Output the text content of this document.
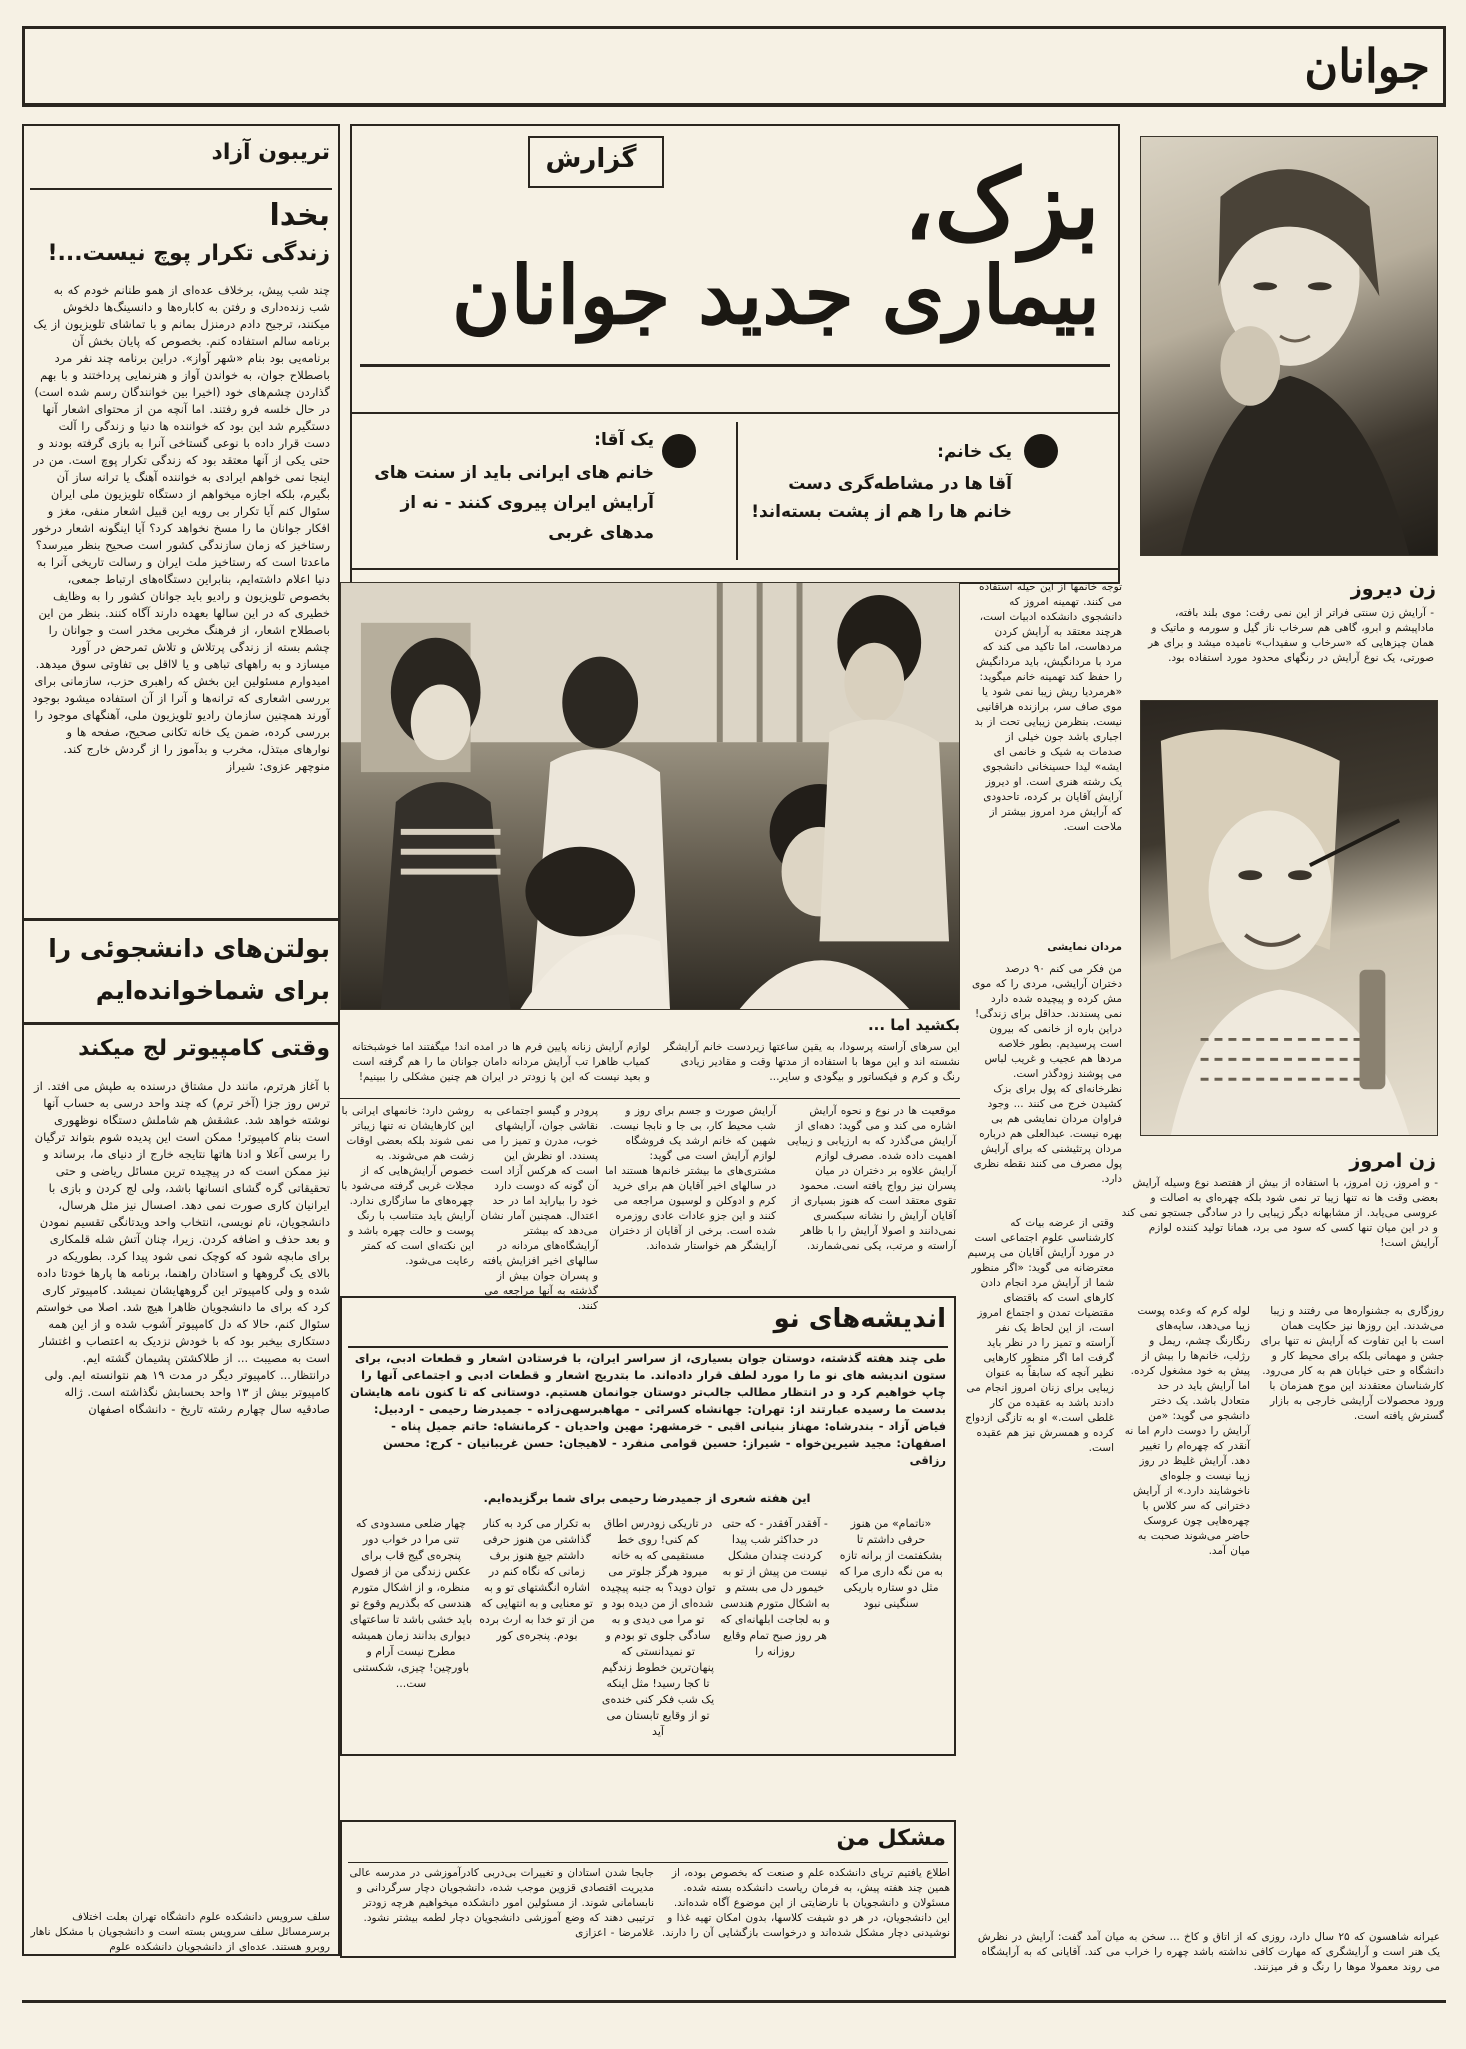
جوانان
تریبون آزاد
بخدا
زندگی تکرار پوچ نیست...!
چند شب پیش، برخلاف عده‌ای از همو طنانم خودم که به شب زنده‌داری و رفتن به کاباره‌ها و دانسینگ‌ها دلخوش میکنند، ترجیح دادم درمنزل بمانم و با تماشای تلویزیون از یک برنامه سالم استفاده کنم. بخصوص که پایان بخش آن برنامه‌یی بود بنام «شهر آواز». دراین برنامه چند نفر مرد باصطلاح جوان، به خواندن آواز و هنرنمایی پرداختند و با بهم گذاردن چشم‌های خود (اخیرا بین خوانندگان رسم شده است) در حال خلسه فرو رفتند. اما آنچه من از محتوای اشعار آنها دستگیرم شد این بود که خواننده ها دنیا و زندگی را آلت دست قرار داده با نوعی گستاخی آنرا به بازی گرفته بودند و حتی یکی از آنها معتقد بود که زندگی تکرار پوچ است. من در اینجا نمی خواهم ایرادی به خواننده آهنگ یا ترانه ساز آن بگیرم، بلکه اجازه میخواهم از دستگاه تلویزیون ملی ایران سئوال کنم آیا تکرار بی رویه این قبیل اشعار منفی، مغز و افکار جوانان ما را مسخ نخواهد کرد؟ آیا اینگونه اشعار درخور رستاخیز که زمان سازندگی کشور است صحیح بنظر میرسد؟ ماعدتا است که رستاخیز ملت ایران و رسالت تاریخی آنرا به دنیا اعلام داشته‌ایم، بنابراین دستگاه‌های ارتباط جمعی، بخصوص تلویزیون و رادیو باید جوانان کشور را به وظایف خطیری که در این سالها بعهده دارند آگاه کنند. بنظر من این باصطلاح اشعار، از فرهنگ مخربی مخدر است و جوانان را چشم بسته از زندگی پرتلاش و تلاش تمرحض در آورد میسازد و به راههای تباهی و یا لااقل بی تفاوتی سوق میدهد. امیدوارم مسئولین این بخش که راهبری حزب، سازمانی برای بررسی اشعاری که ترانه‌ها و آنرا از آن استفاده میشود بوجود آورند همچنین سازمان رادیو تلویزیون ملی، آهنگهای موجود را بررسی کرده، ضمن یک خانه تکانی صحیح، صفحه ها و نوارهای مبتذل، مخرب و بدآموز را از گردش خارج کند. منوچهر عزوی: شیراز
بولتن‌های دانشجوئی را
برای شماخوانده‌ایم
وقتی کامپیوتر لج میکند
با آغاز هرترم، مانند دل مشتاق درسنده به طپش می افتد. از ترس روز جزا (آخر ترم) که چند واحد درسی به حساب آنها نوشته خواهد شد. عشقش هم شاملش دستگاه نوظهوری است بنام کامپیوتر! ممکن است این پدیده شوم بتواند ترگیان را برسی آعلا و ادنا هاتها نتایجه خارج از دنیای ما، برساند و نیز ممکن است که در پیچیده ترین مسائل ریاضی و حتی تحقیقاتی گره گشای انسانها باشد، ولی لج کردن و بازی با ایرانیان کاری صورت نمی دهد. اصسال نیز مثل هرسال، دانشجویان، نام نویسی، انتخاب واحد ویدتانگی تقسیم نمودن و بعد حذف و اضافه کردن. زیرا، چنان آتش شله قلمکاری برای مابچه شود که کوچک نمی شود پیدا کرد. بطوریکه در بالای یک گروهها و استادان راهنما، برنامه ها پارها خودتا داده شده و ولی کامپیوتر این گروههایشان نمیشد. کامپیوتر کاری کرد که برای ما دانشجویان ظاهرا هیچ شد. اصلا می خواستم سئوال کنم، حالا که دل کامپیوتر آشوب شده و از این همه دستکاری بیخبر بود که با خودش نزدیک به اعتصاب و اغتشار است به مصیبت ... از طلاکشتن پشیمان گشته ایم. درانتظار... کامپیوتر دیگر در مدت ۱۹ هم نتوانسته ایم. ولی کامپیوتر بیش از ۱۳ واحد بحسابش نگذاشته است. ژاله صادقیه سال چهارم رشته تاریخ - دانشگاه اصفهان
گزارش	بزک،
بیماری جدید جوانان
یک خانم:
آقا ها در مشاطه‌گری دست خانم ها را هم از پشت بسته‌اند!
یک آقا:
خانم های ایرانی باید از سنت های آرایش ایران پیروی کنند - نه از مدهای غربی
زن دیروز
- آرایش زن سنتی فراتر از این نمی رفت: موی بلند بافته، ماداپیشم و ابرو، گاهی هم سرخاب ناز گیل و سورمه و ماتیک و همان چیزهایی که «سرخاب و سفیداب» نامیده میشد و برای هر صورتی، یک نوع آرایش در رنگهای محدود مورد استفاده بود.
زن امروز
- و امروز، زن امروز، با استفاده از بیش از هفتصد نوع وسیله آرایش بعضی وقت ها نه تنها زیبا تر نمی شود بلکه چهره‌ای به اصالت و عروسی می‌یابد. از مشابهانه دیگر زیبایی را در سادگی جستجو نمی کند و در این میان تنها کسی که سود می برد، همانا تولید کننده لوازم آرایش است!
توجه خانمها از این حیله استفاده می کنند. تهمینه امروز که دانشجوی دانشکده ادبیات است، هرچند معتقد به آرایش کردن مرد‌هاست، اما تاکید می کند که مرد با مردانگیش، باید مردانگیش را حفظ کند تهمینه خانم میگوید: «هرمردیا ریش زیبا نمی شود یا موی صاف سر، برازنده هراقانیی نیست. بنظرمن زیبایی تحت از بد اجباری باشد جون خیلی از صدمات به شیک و خانمی ای ایشه» لیدا حسینخانی دانشجوی یک رشته هنری است. او دیروز آرایش آقایان بر کرده، تاحدودی که آرایش مرد امروز بیشتر از ملاحت است.
مردان نمایشی
من فکر می کنم ۹۰ درصد دختران آرایشی، مردی را که موی مش کرده و پیچیده شده دارد نمی پسندند. حداقل برای زندگی! دراین باره از خانمی که بیرون است پرسیدیم. بطور خلاصه مردها هم عجیب و غریب لباس می پوشند زودگذر است. نظرخانه‌ای که پول برای بزک کشیدن خرج می کنند ... وجود فراوان مردان نمایشی هم بی بهره نیست. عبدالعلی هم درباره مردان پرتئیشنی که برای آرایش پول مصرف می کنند نقطه نظری دارد.
بکشید اما ...
این سرهای آراسته پرسودا، به یقین ساعتها زیردست خانم آرایشگر نشسته اند و این موها با استفاده از مدتها وقت و مقادیر زیادی رنگ و کرم و فیکساتور و بیگودی و سایر...
لوازم آرایش زنانه پایین فرم ها در امده اند! میگفتند اما خوشبختانه کمیاب ظاهرا تب آرایش مردانه دامان جوانان ما را هم گرفته است و بعید نیست که این پا زودتر در ایران هم چنین مشکلی را ببینیم!
وقتی از عرضه بیات که کارشناسی علوم اجتماعی است در مورد آرایش آقایان می پرسیم معترضانه می گوید: «اگر منظور شما از آرایش مرد انجام دادن کارهای است که باقتضای مقتضیات تمدن و اجتماع امروز است، از این لحاظ یک نفر آراسته و تمیز را در نظر باید گرفت اما اگر منظور کارهایی نظیر آنچه که سابقاً به عنوان زیبایی برای زنان امروز انجام می دادند باشد به عقیده من کار غلطی است.» او به تازگی ازدواج کرده و همسرش نیز هم عقیده است.
موقعیت ها در نوع و نحوه آرایش اشاره می کند و می گوید: دهه‌ای از آرایش می‌گذرد که به ارزیابی و زیبایی اهمیت داده شده. مصرف لوازم آرایش علاوه بر دختران در میان پسران نیز رواج یافته است. محمود تقوی معتقد است که هنوز بسیاری از آقایان آرایش را نشانه سبکسری نمی‌دانند و اصولا آرایش را با ظاهر آراسته و مرتب، یکی نمی‌شمارند.
آرایش صورت و جسم برای روز و شب محیط کار، بی جا و نابجا نیست. شهین که خانم ارشد یک فروشگاه لوازم آرایش است می گوید: مشتری‌های ما بیشتر خانم‌ها هستند اما در سالهای اخیر آقایان هم برای خرید کرم و ادوکلن و لوسیون مراجعه می کنند و این جزو عادات عادی روزمره شده است. برخی از آقایان از دختران آرایشگر هم خواستار شده‌اند.
پرودر و گیسو اجتماعی به نقاشی جوان، آرایشهای خوب، مدرن و تمیز را می پسندد. او نظرش این است که هرکس آزاد است آن گونه که دوست دارد خود را بیاراید اما در حد اعتدال. همچنین آمار نشان می‌دهد که بیشتر آرایشگاه‌های مردانه در سالهای اخیر افزایش یافته و پسران جوان بیش از گذشته به آنها مراجعه می کنند.
روشن دارد: خانمهای ایرانی با این کارهایشان نه تنها زیباتر نمی شوند بلکه بعضی اوقات زشت هم می‌شوند. به خصوص آرایش‌هایی که از مجلات غربی گرفته می‌شود با چهره‌های ما سازگاری ندارد. آرایش باید متناسب با رنگ پوست و حالت چهره باشد و این نکته‌ای است که کمتر رعایت می‌شود.
روزگاری به جشنواره‌ها می رفتند و زیبا می‌شدند. این روزها نیز حکایت همان است با این تفاوت که آرایش نه تنها برای جشن و مهمانی بلکه برای محیط کار و دانشگاه و حتی خیابان هم به کار می‌رود. کارشناسان معتقدند این موج همزمان با ورود محصولات آرایشی خارجی به بازار گسترش یافته است.
لوله کرم که وعده پوست زیبا می‌دهد، سایه‌های رنگارنگ چشم، ریمل و رژلب، خانم‌ها را بیش از پیش به خود مشغول کرده. اما آرایش باید در حد متعادل باشد. یک دختر دانشجو می گوید: «من آرایش را دوست دارم اما نه آنقدر که چهره‌ام را تغییر دهد. آرایش غلیظ در روز زیبا نیست و جلوه‌ای ناخوشایند دارد.» از آرایش دخترانی که سر کلاس با چهره‌هایی چون عروسک حاضر می‌شوند صحبت به میان آمد.
اندیشه‌های نو
طی چند هفته گذشته، دوستان جوان بسیاری، از سراسر ایران، با فرستادن اشعار و قطعات ادبی، برای ستون اندیشه های نو ما را مورد لطف قرار داده‌اند. ما بتدریج اشعار و قطعات ادبی و اجتماعی آنها را چاپ خواهیم کرد و در انتظار مطالب جالب‌تر دوستان جوانمان هستیم. دوستانی که تا کنون نامه هایشان بدست ما رسیده عبارتند از: تهران: جهانشاه کسرائی - مهاهبرسهی‌زاده - جمیدرضا رحیمی - اردبیل: فیاض آزاد - بندرشاه: مهناز بنیانی اقبی - خرمشهر: مهین واحدیان - کرمانشاه: حاتم جمیل پناه - اصفهان: مجید شیرین‌خواه - شیراز: حسین قوامی منفرد - لاهیجان: حسن غریبانیان - کرج: محسن رزاقی
این هفته شعری از جمیدرضا رحیمی برای شما برگزیده‌ایم.
«ناتمام» من هنوز حرفی داشتم تا بشکفتمت از برانه تازه به من نگه داری مرا که مثل دو ستاره باریکی سنگینی نبود
- آفقدر آفقدر - که حتی در حداکثر شب پیدا کردنت چندان مشکل نیست من پیش از تو به خیمور دل می بستم و به اشکال متورم هندسی و به لجاجت ابلهانه‌ای که هر روز صبح تمام وقایع روزانه را
چهار ضلعی مسدودی که تنی مرا در خواب دور پنجره‌ی گیج قاب برای عکس زندگی من از فصول منظره، و از اشکال متورم هندسی که بگذریم وقوع تو باید خشی باشد تا ساعتهای دیواری بدانند زمان همیشه مطرح نیست آرام و باورچین! چیزی، شکستنی ست...
به تکرار می کرد به کنار گذاشتی من هنوز حرفی داشتم جیغ هنوز برف زمانی که نگاه کنم در اشاره انگشتهای تو و به تو معنایی و به انتهایی که من از تو خدا به ارث برده بودم. پنجره‌ی کور
در تاریکی زودرس اطاق کم کنی! روی خط مستقیمی که به خانه میرود هرگز جلوتر می توان دوید؟ به جنبه پیچیده شده‌ای از من دیده بود و تو مرا می دیدی و به سادگی جلوی تو بودم و تو نمیدانستی که پنهان‌ترین خطوط زندگیم تا کجا رسید! مثل اینکه یک شب فکر کنی خنده‌ی تو از وقایع تابستان می آید
مشکل من
اطلاع یافتیم تریای دانشکده علم و صنعت که بخصوص بوده، از همین چند هفته پیش، به فرمان ریاست دانشکده بسته شده. مسئولان و دانشجویان با نارضایتی از این موضوع آگاه شده‌اند. این دانشجویان، در هر دو شیفت کلاسها، بدون امکان تهیه غذا و نوشیدنی دچار مشکل شده‌اند و درخواست بازگشایی آن را دارند.
جابجا شدن استادان و تغییرات بی‌دربی کادرآموزشی در مدرسه عالی مدیریت اقتصادی قزوین موجب شده، دانشجویان دچار سرگردانی و نابسامانی شوند. از مسئولین امور دانشکده میخواهیم هرچه زودتر ترتیبی دهند که وضع آموزشی دانشجویان دچار لطمه بیشتر نشود. غلامرضا - اعزازی
سلف سرویس دانشکده علوم دانشگاه تهران بعلت اختلاف برسرمسائل سلف سرویس بسته است و دانشجویان با مشکل ناهار روبرو هستند. عده‌ای از دانشجویان دانشکده علوم
عیرانه شاهسون که ۲۵ سال دارد، روزی که از اتاق و کاخ ... سخن به میان آمد گفت: آرایش در نظرش یک هنر است و آرایشگری که مهارت کافی نداشته باشد چهره را خراب می کند. آقایانی که به آرایشگاه می روند معمولا موها را رنگ و فر میزنند.
